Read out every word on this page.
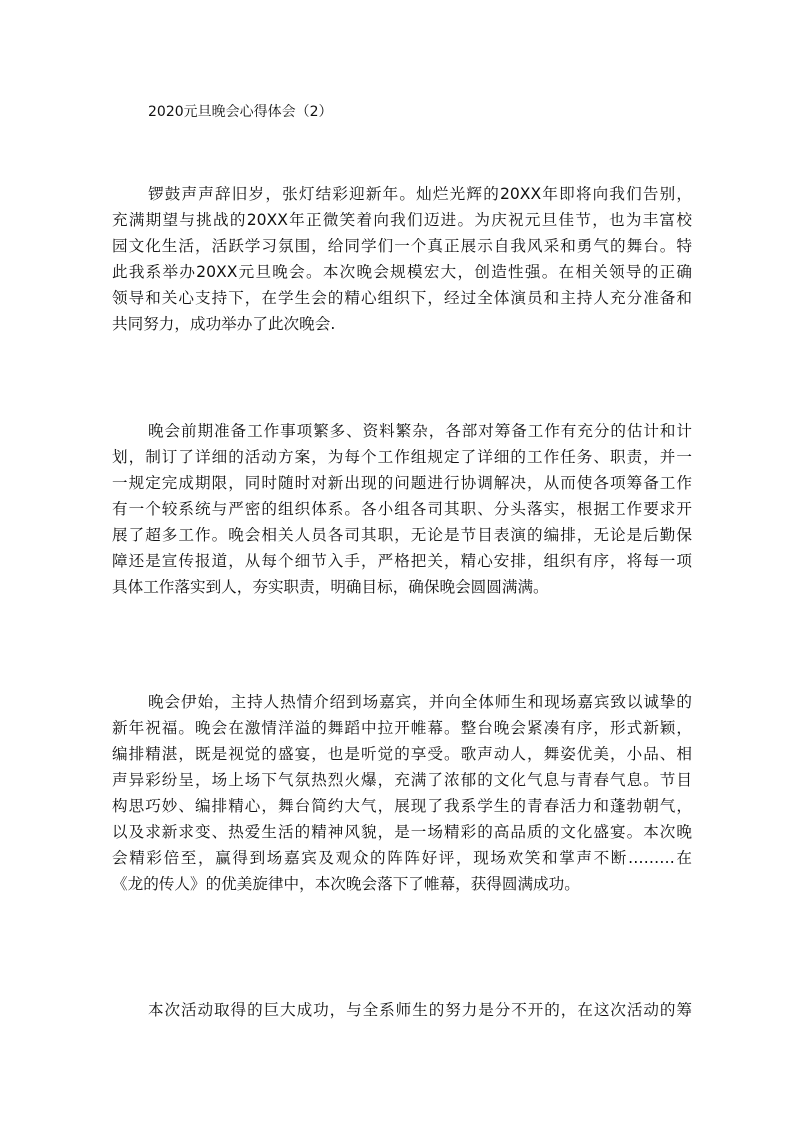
2020元旦晚会心得体会（2）
锣鼓声声辞旧岁，张灯结彩迎新年。灿烂光辉的20XX年即将向我们告别，
充满期望与挑战的20XX年正微笑着向我们迈进。为庆祝元旦佳节，也为丰富校
园文化生活，活跃学习氛围，给同学们一个真正展示自我风采和勇气的舞台。特
此我系举办20XX元旦晚会。本次晚会规模宏大，创造性强。在相关领导的正确
领导和关心支持下，在学生会的精心组织下，经过全体演员和主持人充分准备和
共同努力，成功举办了此次晚会.
晚会前期准备工作事项繁多、资料繁杂，各部对筹备工作有充分的估计和计
划，制订了详细的活动方案，为每个工作组规定了详细的工作任务、职责，并一
一规定完成期限，同时随时对新出现的问题进行协调解决，从而使各项筹备工作
有一个较系统与严密的组织体系。各小组各司其职、分头落实，根据工作要求开
展了超多工作。晚会相关人员各司其职，无论是节目表演的编排，无论是后勤保
障还是宣传报道，从每个细节入手，严格把关，精心安排，组织有序，将每一项
具体工作落实到人，夯实职责，明确目标，确保晚会圆圆满满。
晚会伊始，主持人热情介绍到场嘉宾，并向全体师生和现场嘉宾致以诚挚的
新年祝福。晚会在激情洋溢的舞蹈中拉开帷幕。整台晚会紧凑有序，形式新颖，
编排精湛，既是视觉的盛宴，也是听觉的享受。歌声动人，舞姿优美，小品、相
声异彩纷呈，场上场下气氛热烈火爆，充满了浓郁的文化气息与青春气息。节目
构思巧妙、编排精心，舞台简约大气，展现了我系学生的青春活力和蓬勃朝气，
以及求新求变、热爱生活的精神风貌，是一场精彩的高品质的文化盛宴。本次晚
会精彩倍至，赢得到场嘉宾及观众的阵阵好评，现场欢笑和掌声不断………在
《龙的传人》的优美旋律中，本次晚会落下了帷幕，获得圆满成功。
本次活动取得的巨大成功，与全系师生的努力是分不开的，在这次活动的筹
